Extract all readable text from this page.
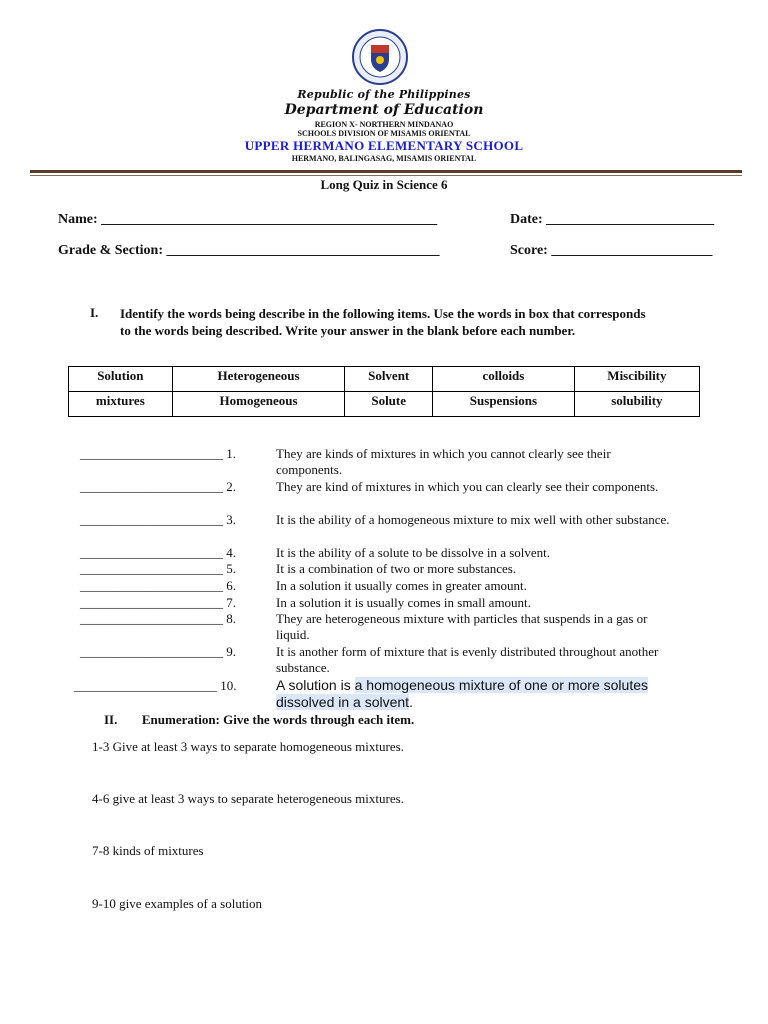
Republic of the Philippines
Department of Education
REGION X- NORTHERN MINDANAO
SCHOOLS DIVISION OF MISAMIS ORIENTAL
UPPER HERMANO ELEMENTARY SCHOOL
HERMANO, BALINGASAG, MISAMIS ORIENTAL
Long Quiz in Science 6
Name: ________________________________________________	Date: ________________________
Grade & Section: _______________________________________	Score: _______________________
I. Identify the words being describe in the following items. Use the words in box that corresponds to the words being described. Write your answer in the blank before each number.
Solution	Heterogeneous	Solvent	colloids	Miscibility
mixtures	Homogeneous	Solute	Suspensions	solubility
______________________ 1.	They are kinds of mixtures in which you cannot clearly see their components.
______________________ 2.	They are kind of mixtures in which you can clearly see their components.
______________________ 3.	It is the ability of a homogeneous mixture to mix well with other substance.
______________________ 4.	It is the ability of a solute to be dissolve in a solvent.
______________________ 5.	It is a combination of two or more substances.
______________________ 6.	In a solution it usually comes in greater amount.
______________________ 7.	In a solution it is usually comes in small amount.
______________________ 8.	They are heterogeneous mixture with particles that suspends in a gas or liquid.
______________________ 9.	It is another form of mixture that is evenly distributed throughout another substance.
______________________ 10.	A solution is a homogeneous mixture of one or more solutes dissolved in a solvent.
II. Enumeration: Give the words through each item.
1-3 Give at least 3 ways to separate homogeneous mixtures.
4-6 give at least 3 ways to separate heterogeneous mixtures.
7-8 kinds of mixtures
9-10 give examples of a solution
